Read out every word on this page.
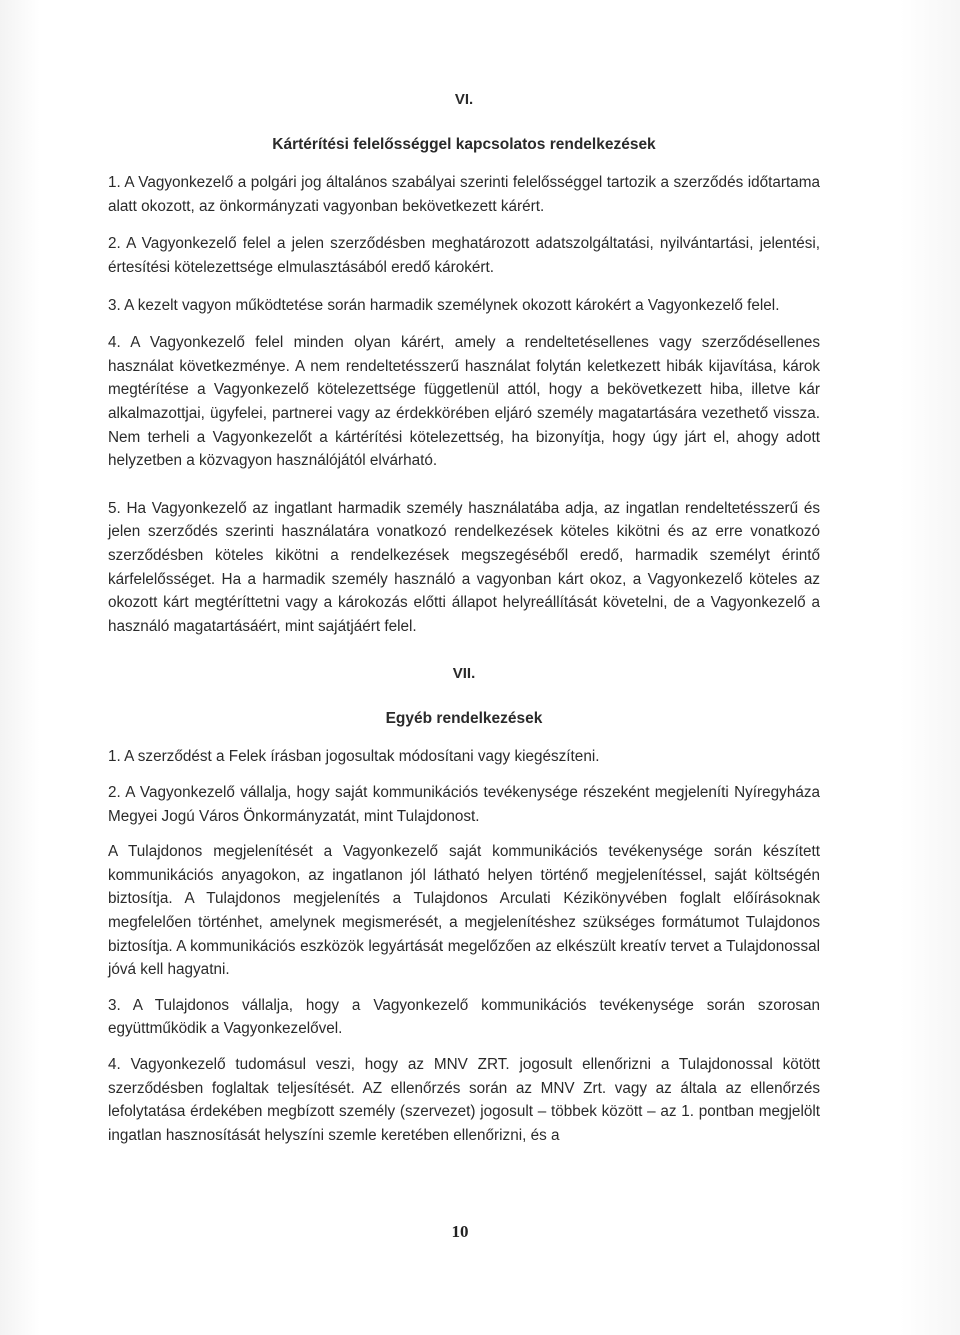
VI.
Kártérítési felelősséggel kapcsolatos rendelkezések

1. A Vagyonkezelő a polgári jog általános szabályai szerinti felelősséggel tartozik a szerződés időtartama alatt okozott, az önkormányzati vagyonban bekövetkezett kárért.

2. A Vagyonkezelő felel a jelen szerződésben meghatározott adatszolgáltatási, nyilvántartási, jelentési, értesítési kötelezettsége elmulasztásából eredő károkért.

3. A kezelt vagyon működtetése során harmadik személynek okozott károkért a Vagyonkezelő felel.

4. A Vagyonkezelő felel minden olyan kárért, amely a rendeltetésellenes vagy szerződésellenes használat következménye. A nem rendeltetésszerű használat folytán keletkezett hibák kijavítása, károk megtérítése a Vagyonkezelő kötelezettsége függetlenül attól, hogy a bekövetkezett hiba, illetve kár alkalmazottjai, ügyfelei, partnerei vagy az érdekkörében eljáró személy magatartására vezethető vissza. Nem terheli a Vagyonkezelőt a kártérítési kötelezettség, ha bizonyítja, hogy úgy járt el, ahogy adott helyzetben a közvagyon használójától elvárható.

5. Ha Vagyonkezelő az ingatlant harmadik személy használatába adja, az ingatlan rendeltetésszerű és jelen szerződés szerinti használatára vonatkozó rendelkezések köteles kikötni és az erre vonatkozó szerződésben köteles kikötni a rendelkezések megszegéséből eredő, harmadik személyt érintő kárfelelősséget. Ha a harmadik személy használó a vagyonban kárt okoz, a Vagyonkezelő köteles az okozott kárt megtéríttetni vagy a károkozás előtti állapot helyreállítását követelni, de a Vagyonkezelő a használó magatartásáért, mint sajátjáért felel.

VII.
Egyéb rendelkezések

1. A szerződést a Felek írásban jogosultak módosítani vagy kiegészíteni.

2. A Vagyonkezelő vállalja, hogy saját kommunikációs tevékenysége részeként megjeleníti Nyíregyháza Megyei Jogú Város Önkormányzatát, mint Tulajdonost.

A Tulajdonos megjelenítését a Vagyonkezelő saját kommunikációs tevékenysége során készített kommunikációs anyagokon, az ingatlanon jól látható helyen történő megjelenítéssel, saját költségén biztosítja. A Tulajdonos megjelenítés a Tulajdonos Arculati Kézikönyvében foglalt előírásoknak megfelelően történhet, amelynek megismerését, a megjelenítéshez szükséges formátumot Tulajdonos biztosítja. A kommunikációs eszközök legyártását megelőzően az elkészült kreatív tervet a Tulajdonossal jóvá kell hagyatni.

3. A Tulajdonos vállalja, hogy a Vagyonkezelő kommunikációs tevékenysége során szorosan együttműködik a Vagyonkezelővel.

4. Vagyonkezelő tudomásul veszi, hogy az MNV ZRT. jogosult ellenőrizni a Tulajdonossal kötött szerződésben foglaltak teljesítését. AZ ellenőrzés során az MNV Zrt. vagy az általa az ellenőrzés lefolytatása érdekében megbízott személy (szervezet) jogosult – többek között – az 1. pontban megjelölt ingatlan hasznosítását helyszíni szemle keretében ellenőrizni, és a

10
